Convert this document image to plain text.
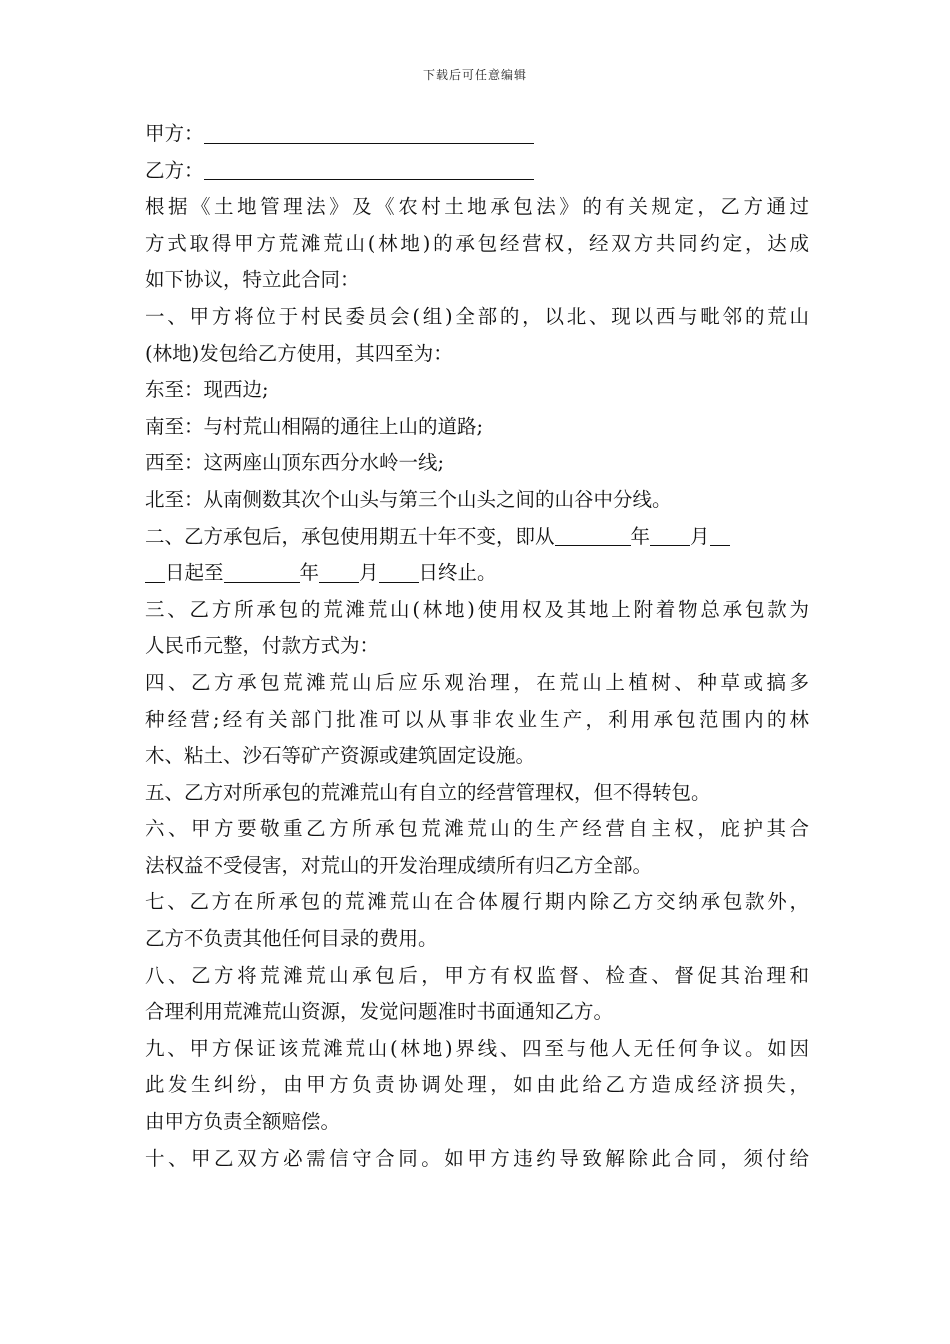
下载后可任意编辑
甲方：
乙方：
根据《土地管理法》及《农村土地承包法》的有关规定，乙方通过
方式取得甲方荒滩荒山(林地)的承包经营权，经双方共同约定，达成
如下协议，特立此合同：
一、甲方将位于村民委员会(组)全部的，以北、现以西与毗邻的荒山
(林地)发包给乙方使用，其四至为：
东至：现西边;
南至：与村荒山相隔的通往上山的道路;
西至：这两座山顶东西分水岭一线;
北至：从南侧数其次个山头与第三个山头之间的山谷中分线。
二、乙方承包后，承包使用期五十年不变，即从	年 月
日起至	年 月 日终止。
三、乙方所承包的荒滩荒山(林地)使用权及其地上附着物总承包款为
人民币元整，付款方式为：
四、乙方承包荒滩荒山后应乐观治理，在荒山上植树、种草或搞多
种经营;经有关部门批准可以从事非农业生产，利用承包范围内的林
木、粘土、沙石等矿产资源或建筑固定设施。
五、乙方对所承包的荒滩荒山有自立的经营管理权，但不得转包。
六、甲方要敬重乙方所承包荒滩荒山的生产经营自主权，庇护其合
法权益不受侵害，对荒山的开发治理成绩所有归乙方全部。
七、乙方在所承包的荒滩荒山在合体履行期内除乙方交纳承包款外，
乙方不负责其他任何目录的费用。
八、乙方将荒滩荒山承包后，甲方有权监督、检查、督促其治理和
合理利用荒滩荒山资源，发觉问题准时书面通知乙方。
九、甲方保证该荒滩荒山(林地)界线、四至与他人无任何争议。如因
此发生纠纷，由甲方负责协调处理，如由此给乙方造成经济损失，
由甲方负责全额赔偿。
十、甲乙双方必需信守合同。如甲方违约导致解除此合同，须付给
